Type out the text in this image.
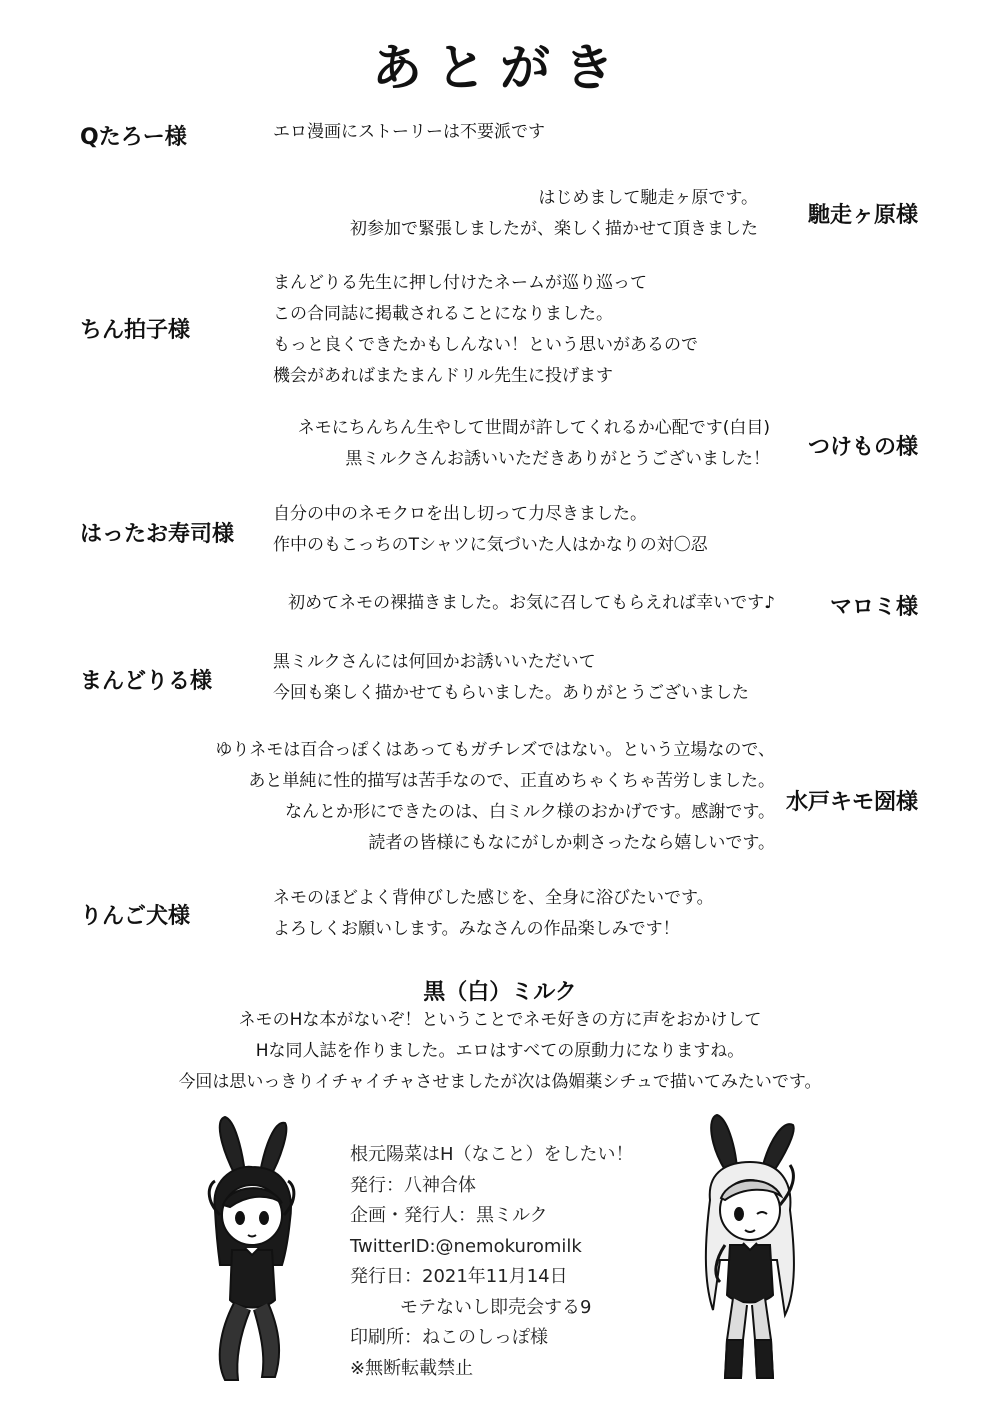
あとがき
Qたろー様	エロ漫画にストーリーは不要派です
はじめまして馳走ヶ原です。
初参加で緊張しましたが、楽しく描かせて頂きました
馳走ヶ原様
ちん拍子様
まんどりる先生に押し付けたネームが巡り巡って
この合同誌に掲載されることになりました。
もっと良くできたかもしんない！という思いがあるので
機会があればまたまんドリル先生に投げます
ネモにちんちん生やして世間が許してくれるか心配です(白目)
黒ミルクさんお誘いいただきありがとうございました！ つけもの様
はったお寿司様
自分の中のネモクロを出し切って力尽きました。
作中のもこっちのTシャツに気づいた人はかなりの対〇忍
初めてネモの裸描きました。お気に召してもらえれば幸いです♪ マロミ様
まんどりる様
黒ミルクさんには何回かお誘いいただいて
今回も楽しく描かせてもらいました。ありがとうございました
ゆりネモは百合っぽくはあってもガチレズではない。という立場なので、
あと単純に性的描写は苦手なので、正直めちゃくちゃ苦労しました。
なんとか形にできたのは、白ミルク様のおかげです。感謝です。
読者の皆様にもなにがしか刺さったなら嬉しいです。
水戸キモ圀様
りんご犬様
ネモのほどよく背伸びした感じを、全身に浴びたいです。
よろしくお願いします。みなさんの作品楽しみです！
黒（白）ミルク
ネモのHな本がないぞ！ということでネモ好きの方に声をおかけして
Hな同人誌を作りました。エロはすべての原動力になりますね。
今回は思いっきりイチャイチャさせましたが次は偽媚薬シチュで描いてみたいです。
根元陽菜はH（なこと）をしたい！
発行：八神合体
企画・発行人：黒ミルク
TwitterID:@nemokuromilk
発行日：2021年11月14日
モテないし即売会する9
印刷所：ねこのしっぽ様
※無断転載禁止
